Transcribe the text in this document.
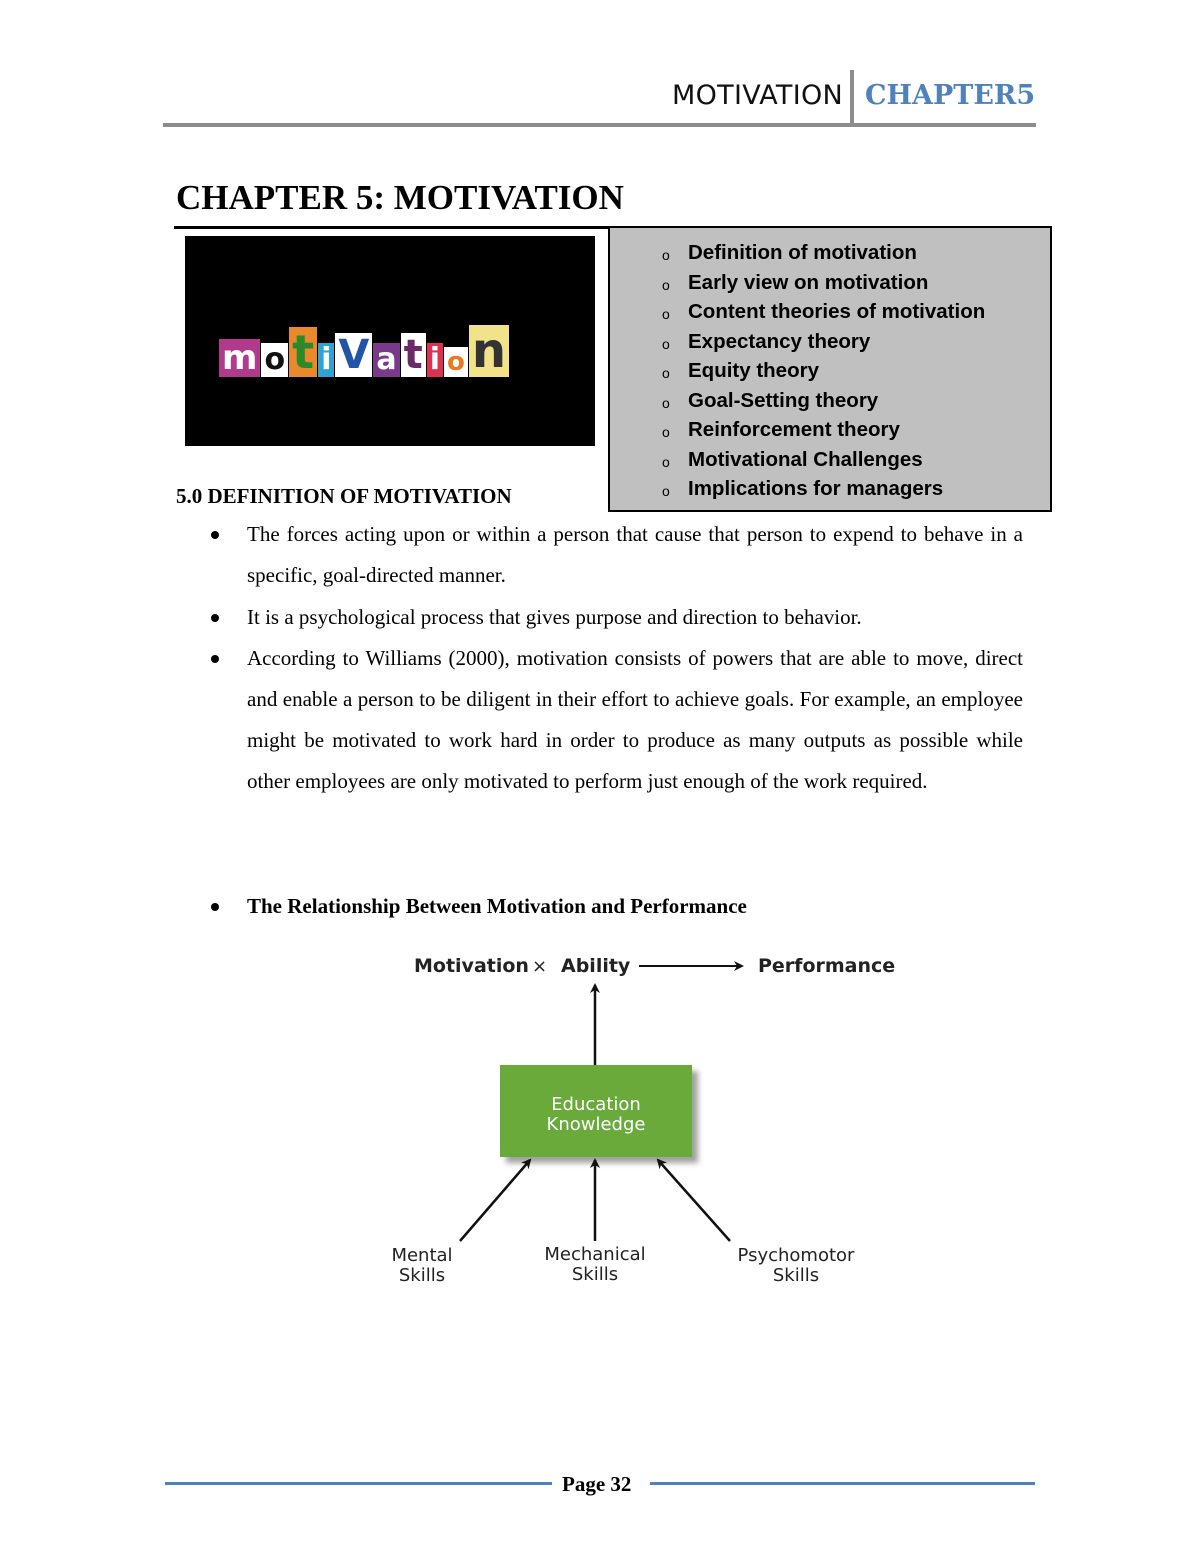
MOTIVATION CHAPTER5
CHAPTER 5: MOTIVATION
m o t i V a t i o n
o Definition of motivation
o Early view on motivation
o Content theories of motivation
o Expectancy theory
o Equity theory
o Goal-Setting theory
o Reinforcement theory
o Motivational Challenges
o Implications for managers
5.0 DEFINITION OF MOTIVATION
The forces acting upon or within a person that cause that person to expend to behave in a specific, goal-directed manner.
It is a psychological process that gives purpose and direction to behavior.
According to Williams (2000), motivation consists of powers that are able to move, direct and enable a person to be diligent in their effort to achieve goals. For example, an employee might be motivated to work hard in order to produce as many outputs as possible while other employees are only motivated to perform just enough of the work required.
The Relationship Between Motivation and Performance
Motivation × Ability	Performance
Education
Knowledge
Mental
Skills
Mechanical
Skills
Psychomotor
Skills
Page 32
